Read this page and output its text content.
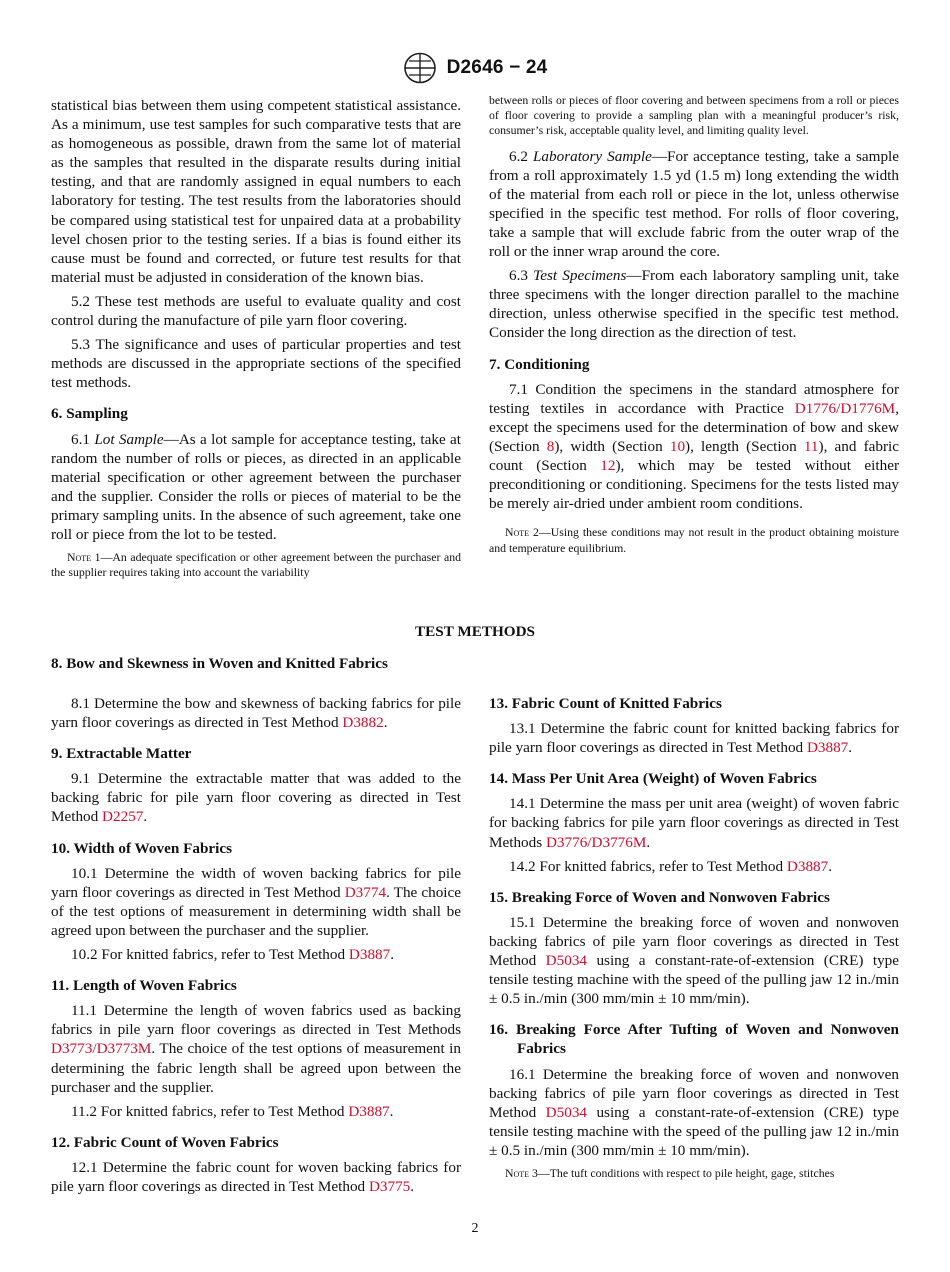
D2646 − 24

statistical bias between them using competent statistical assistance. As a minimum, use test samples for such comparative tests that are as homogeneous as possible, drawn from the same lot of material as the samples that resulted in the disparate results during initial testing, and that are randomly assigned in equal numbers to each laboratory for testing. The test results from the laboratories should be compared using statistical test for unpaired data at a probability level chosen prior to the testing series. If a bias is found either its cause must be found and corrected, or future test results for that material must be adjusted in consideration of the known bias.

5.2 These test methods are useful to evaluate quality and cost control during the manufacture of pile yarn floor covering.

5.3 The significance and uses of particular properties and test methods are discussed in the appropriate sections of the specified test methods.

6. Sampling

6.1 Lot Sample—As a lot sample for acceptance testing, take at random the number of rolls or pieces, as directed in an applicable material specification or other agreement between the purchaser and the supplier. Consider the rolls or pieces of material to be the primary sampling units. In the absence of such agreement, take one roll or piece from the lot to be tested.

Note 1—An adequate specification or other agreement between the purchaser and the supplier requires taking into account the variability
between rolls or pieces of floor covering and between specimens from a roll or pieces of floor covering to provide a sampling plan with a meaningful producer’s risk, consumer’s risk, acceptable quality level, and limiting quality level.

6.2 Laboratory Sample—For acceptance testing, take a sample from a roll approximately 1.5 yd (1.5 m) long extending the width of the material from each roll or piece in the lot, unless otherwise specified in the specific test method. For rolls of floor covering, take a sample that will exclude fabric from the outer wrap of the roll or the inner wrap around the core.

6.3 Test Specimens—From each laboratory sampling unit, take three specimens with the longer direction parallel to the machine direction, unless otherwise specified in the specific test method. Consider the long direction as the direction of test.

7. Conditioning

7.1 Condition the specimens in the standard atmosphere for testing textiles in accordance with Practice D1776/D1776M, except the specimens used for the determination of bow and skew (Section 8), width (Section 10), length (Section 11), and fabric count (Section 12), which may be tested without either preconditioning or conditioning. Specimens for the tests listed may be merely air-dried under ambient room conditions.

Note 2—Using these conditions may not result in the product obtaining moisture and temperature equilibrium.
TEST METHODS
8. Bow and Skewness in Woven and Knitted Fabrics

8.1 Determine the bow and skewness of backing fabrics for pile yarn floor coverings as directed in Test Method D3882.

9. Extractable Matter

9.1 Determine the extractable matter that was added to the backing fabric for pile yarn floor covering as directed in Test Method D2257.

10. Width of Woven Fabrics

10.1 Determine the width of woven backing fabrics for pile yarn floor coverings as directed in Test Method D3774. The choice of the test options of measurement in determining width shall be agreed upon between the purchaser and the supplier.

10.2 For knitted fabrics, refer to Test Method D3887.

11. Length of Woven Fabrics

11.1 Determine the length of woven fabrics used as backing fabrics in pile yarn floor coverings as directed in Test Methods D3773/D3773M. The choice of the test options of measurement in determining the fabric length shall be agreed upon between the purchaser and the supplier.

11.2 For knitted fabrics, refer to Test Method D3887.

12. Fabric Count of Woven Fabrics

12.1 Determine the fabric count for woven backing fabrics for pile yarn floor coverings as directed in Test Method D3775.

13. Fabric Count of Knitted Fabrics

13.1 Determine the fabric count for knitted backing fabrics for pile yarn floor coverings as directed in Test Method D3887.

14. Mass Per Unit Area (Weight) of Woven Fabrics

14.1 Determine the mass per unit area (weight) of woven fabric for backing fabrics for pile yarn floor coverings as directed in Test Methods D3776/D3776M.

14.2 For knitted fabrics, refer to Test Method D3887.

15. Breaking Force of Woven and Nonwoven Fabrics

15.1 Determine the breaking force of woven and nonwoven backing fabrics of pile yarn floor coverings as directed in Test Method D5034 using a constant-rate-of-extension (CRE) type tensile testing machine with the speed of the pulling jaw 12 in./min ± 0.5 in./min (300 mm/min ± 10 mm/min).

16. Breaking Force After Tufting of Woven and Nonwoven Fabrics

16.1 Determine the breaking force of woven and nonwoven backing fabrics of pile yarn floor coverings as directed in Test Method D5034 using a constant-rate-of-extension (CRE) type tensile testing machine with the speed of the pulling jaw 12 in./min ± 0.5 in./min (300 mm/min ± 10 mm/min).

Note 3—The tuft conditions with respect to pile height, gage, stitches
2
